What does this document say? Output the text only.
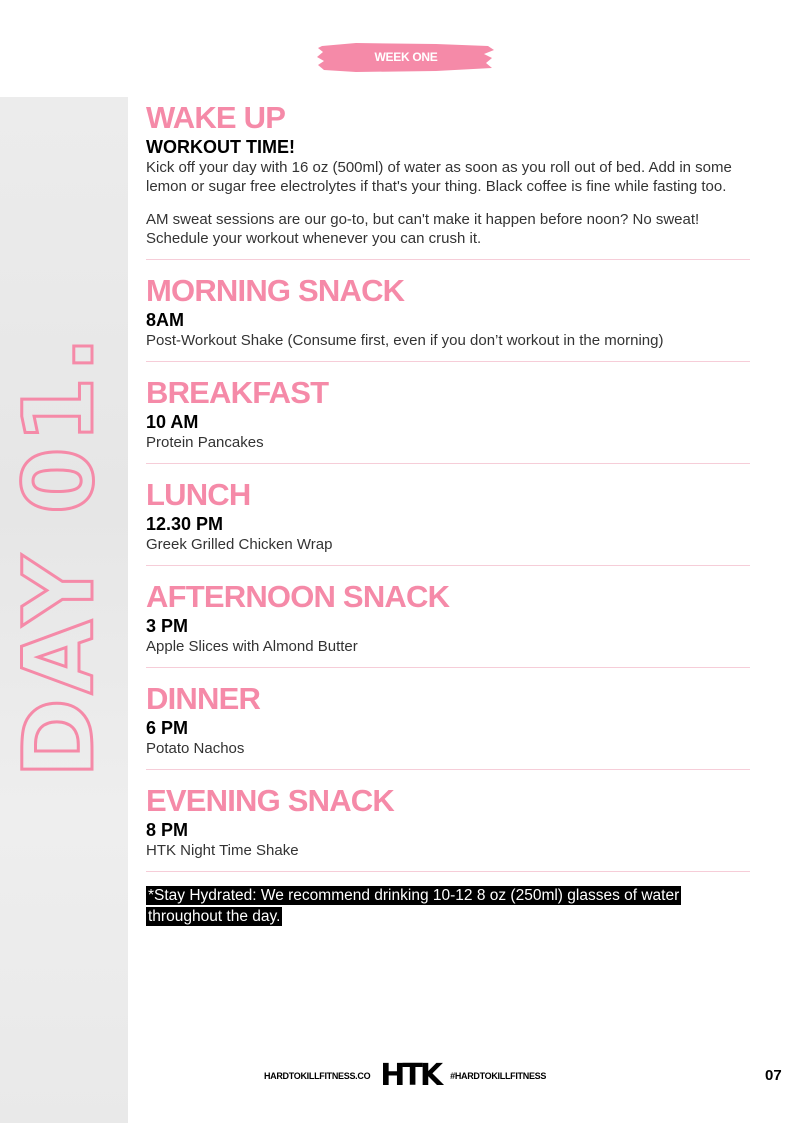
DAY 01.
WEEK ONE
WAKE UP

WORKOUT TIME!

Kick off your day with 16 oz (500ml) of water as soon as you roll out of bed. Add in some lemon or sugar free electrolytes if that's your thing. Black coffee is fine while fasting too.

AM sweat sessions are our go-to, but can't make it happen before noon? No sweat! Schedule your workout whenever you can crush it.

MORNING SNACK

8AM

Post-Workout Shake (Consume first, even if you don’t workout in the morning)

BREAKFAST

10 AM

Protein Pancakes

LUNCH

12.30 PM

Greek Grilled Chicken Wrap

AFTERNOON SNACK

3 PM

Apple Slices with Almond Butter

DINNER

6 PM

Potato Nachos

EVENING SNACK

8 PM

HTK Night Time Shake

*Stay Hydrated: We recommend drinking 10-12 8 oz (250ml) glasses of water throughout the day.
HARDTOKILLFITNESS.CO HTK #HARDTOKILLFITNESS	07
